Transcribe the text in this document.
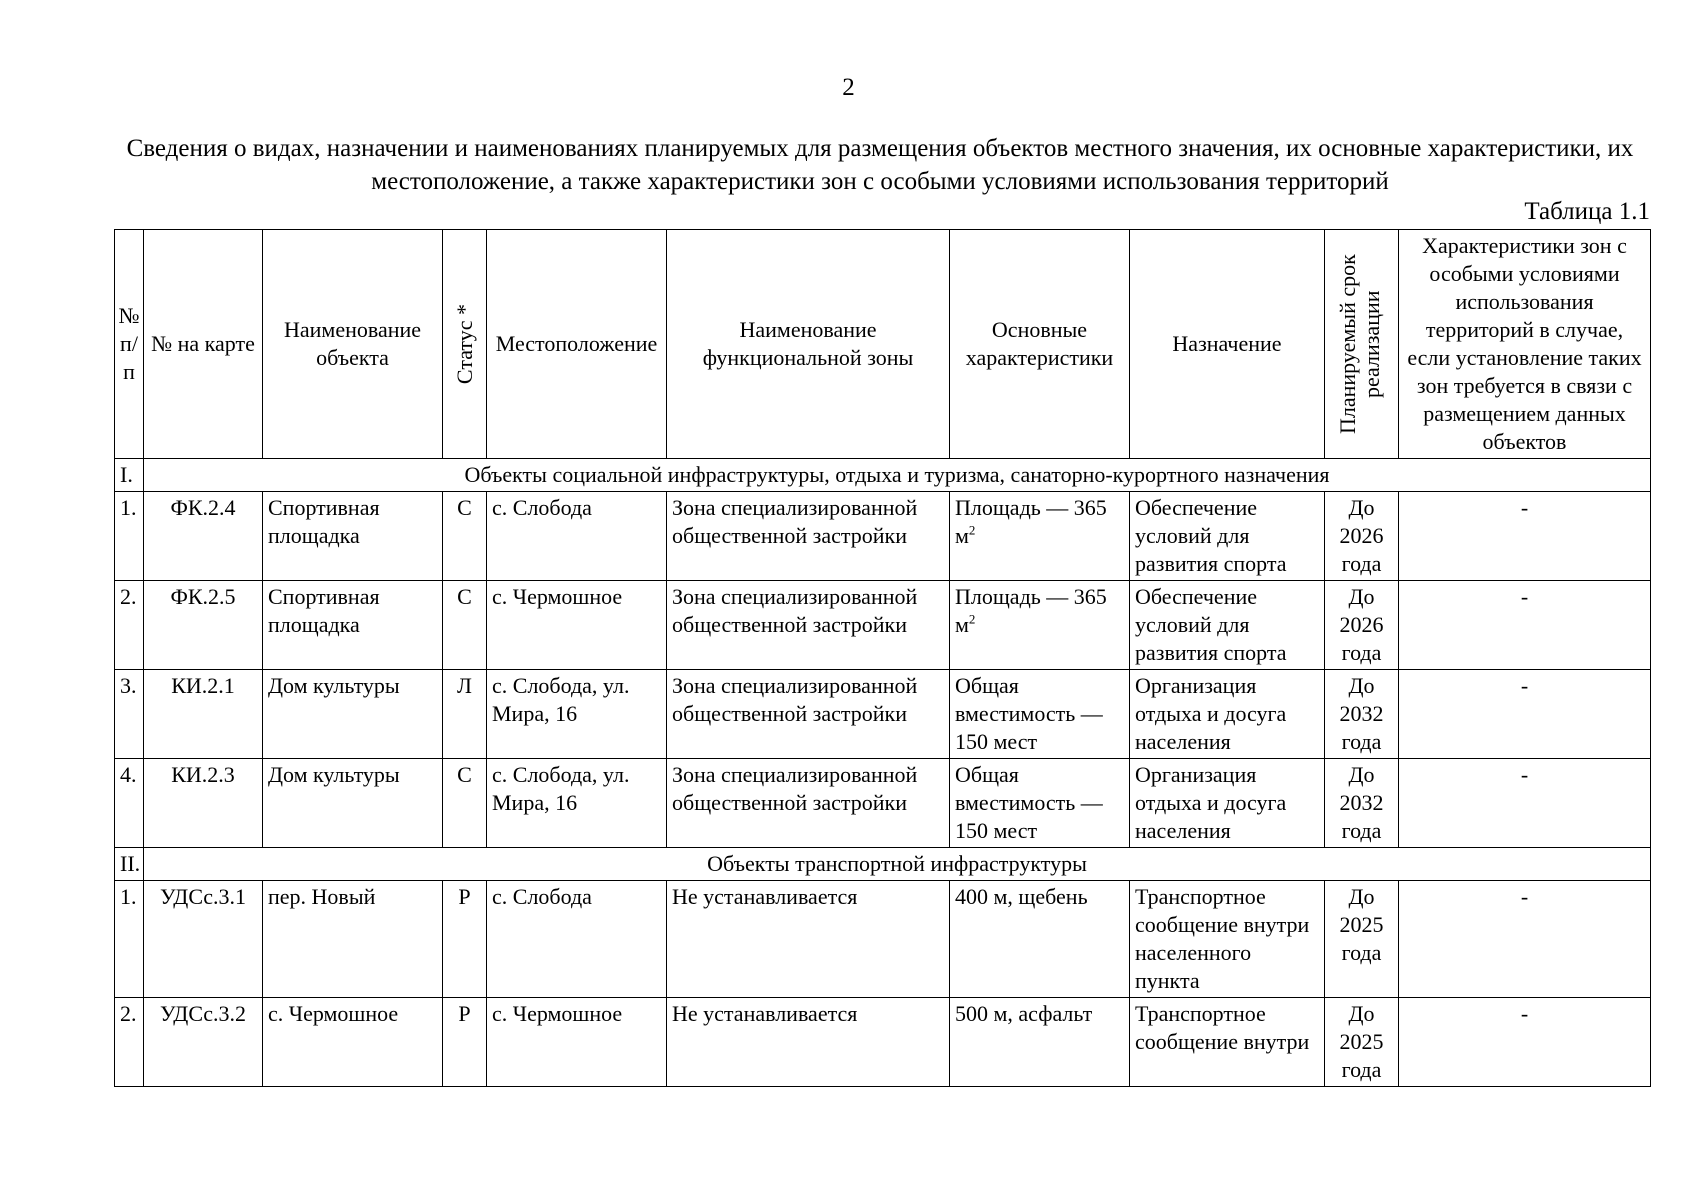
2
Сведения о видах, назначении и наименованиях планируемых для размещения объектов местного значения, их основные характеристики, их местоположение, а также характеристики зон с особыми условиями использования территорий
Таблица 1.1
№ п/п	№ на карте	Наименование объекта	Статус *	Местоположение	Наименование функциональной зоны	Основные характеристики	Назначение	Планируемый срок реализации	Характеристики зон с особыми условиями использования территорий в случае, если установление таких зон требуется в связи с размещением данных объектов
I.	Объекты социальной инфраструктуры, отдыха и туризма, санаторно-курортного назначения								
1.	ФК.2.4	Спортивная площадка	С	с. Слобода	Зона специализированной общественной застройки	Площадь — 365 $м^2$	Обеспечение условий для развития спорта	До 2026 года	-
2.	ФК.2.5	Спортивная площадка	С	с. Чермошное	Зона специализированной общественной застройки	Площадь — 365 $м^2$	Обеспечение условий для развития спорта	До 2026 года	-
3.	КИ.2.1	Дом культуры	Л	с. Слобода, ул. Мира, 16	Зона специализированной общественной застройки	Общая вместимость — 150 мест	Организация отдыха и досуга населения	До 2032 года	-
4.	КИ.2.3	Дом культуры	С	с. Слобода, ул. Мира, 16	Зона специализированной общественной застройки	Общая вместимость — 150 мест	Организация отдыха и досуга населения	До 2032 года	-
II.	Объекты транспортной инфраструктуры								
1.	УДСс.3.1	пер. Новый	Р	с. Слобода	Не устанавливается	400 м, щебень	Транспортное сообщение внутри населенного пункта	До 2025 года	-
2.	УДСс.3.2	с. Чермошное	Р	с. Чермошное	Не устанавливается	500 м, асфальт	Транспортное сообщение внутри	До 2025 года	-
